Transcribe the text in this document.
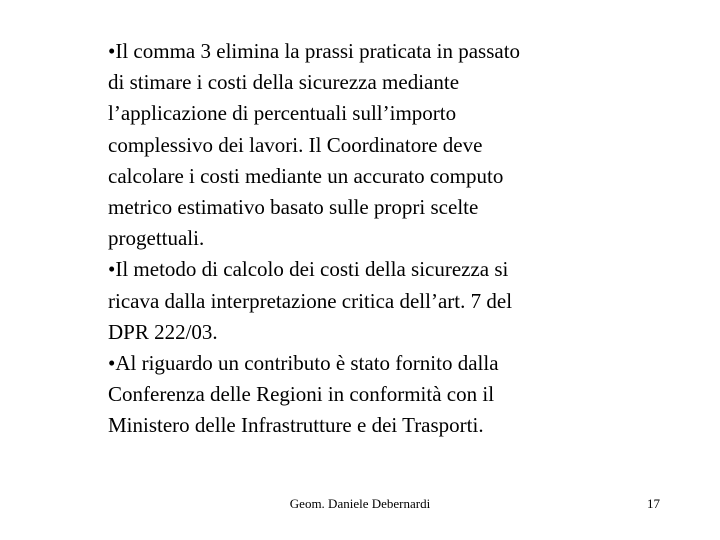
•Il comma 3 elimina la prassi praticata in passato
di stimare i costi della sicurezza mediante
l’applicazione di percentuali sull’importo
complessivo dei lavori. Il Coordinatore deve
calcolare i costi mediante un accurato computo
metrico estimativo basato sulle propri scelte
progettuali.

•Il metodo di calcolo dei costi della sicurezza si
ricava dalla interpretazione critica dell’art. 7 del
DPR 222/03.

•Al riguardo un contributo è stato fornito dalla
Conferenza delle Regioni in conformità con il
Ministero delle Infrastrutture e dei Trasporti.

Geom. Daniele Debernardi	17
